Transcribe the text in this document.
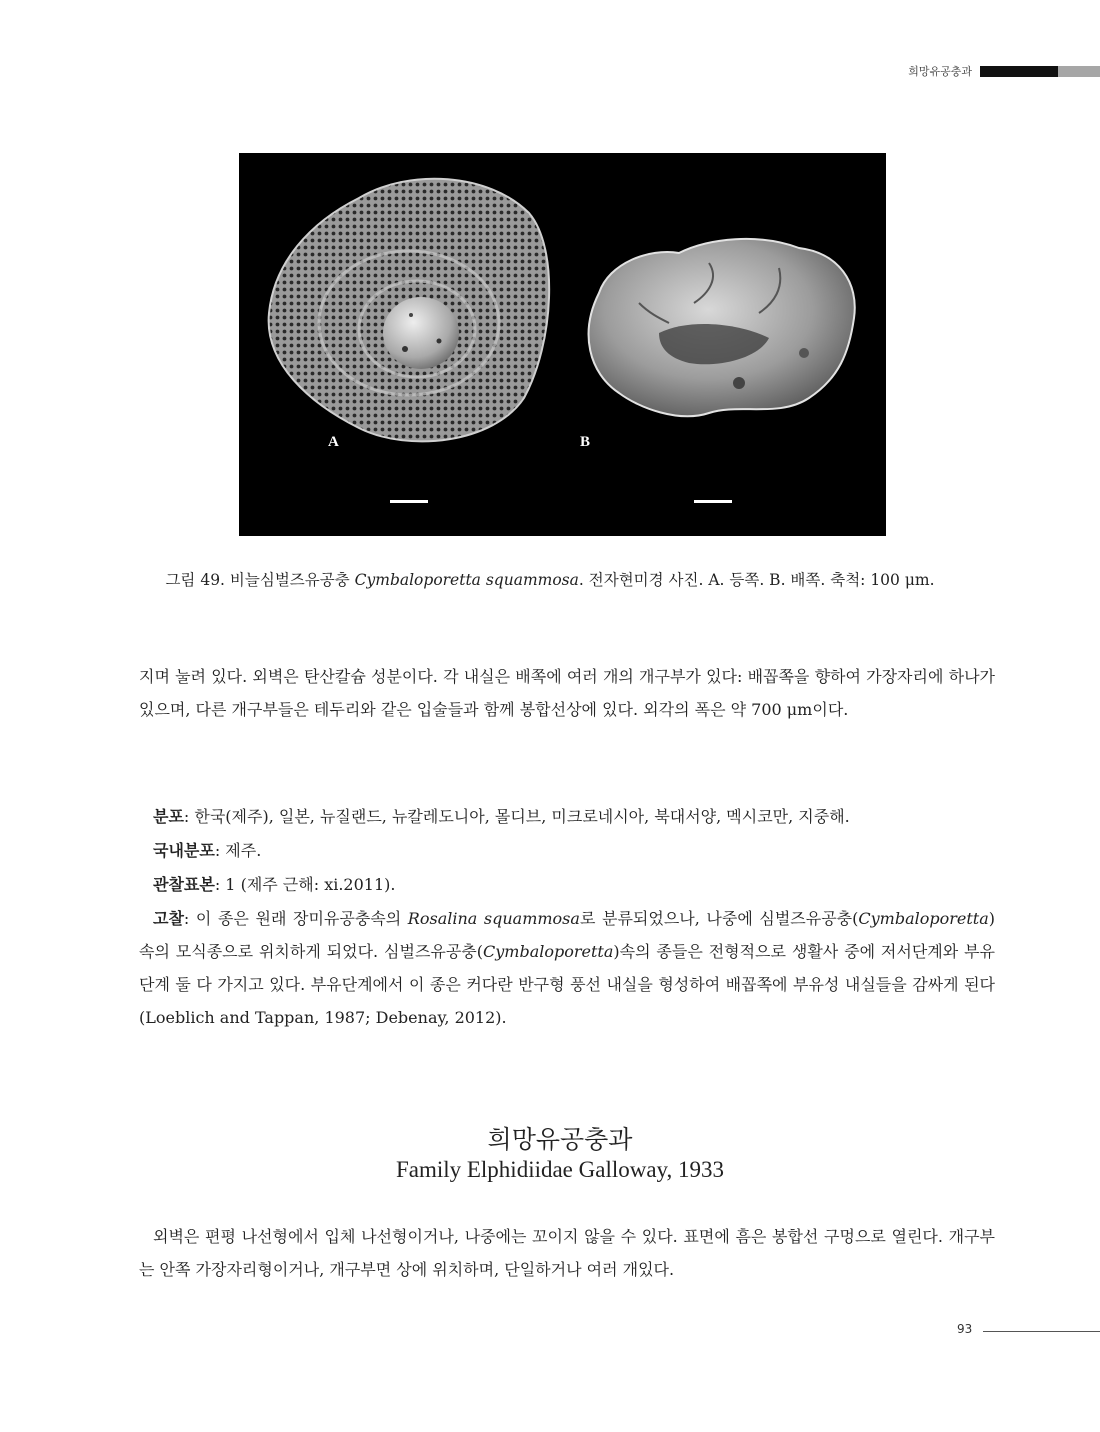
희망유공충과
A	B
그림 49. 비늘심벌즈유공충 Cymbaloporetta squammosa. 전자현미경 사진. A. 등쪽. B. 배쪽. 축척: 100 μm.
지며 눌려 있다. 외벽은 탄산칼슘 성분이다. 각 내실은 배쪽에 여러 개의 개구부가 있다: 배꼽쪽을 향하여 가장자리에 하나가 있으며, 다른 개구부들은 테두리와 같은 입술들과 함께 봉합선상에 있다. 외각의 폭은 약 700 μm이다.
분포: 한국(제주), 일본, 뉴질랜드, 뉴칼레도니아, 몰디브, 미크로네시아, 북대서양, 멕시코만, 지중해.
국내분포: 제주.
관찰표본: 1 (제주 근해: xi.2011).
고찰: 이 종은 원래 장미유공충속의 Rosalina squammosa로 분류되었으나, 나중에 심벌즈유공충(Cymbaloporetta)속의 모식종으로 위치하게 되었다. 심벌즈유공충(Cymbaloporetta)속의 종들은 전형적으로 생활사 중에 저서단계와 부유단계 둘 다 가지고 있다. 부유단계에서 이 종은 커다란 반구형 풍선 내실을 형성하여 배꼽쪽에 부유성 내실들을 감싸게 된다(Loeblich and Tappan, 1987; Debenay, 2012).
희망유공충과
Family Elphidiidae Galloway, 1933
외벽은 편평 나선형에서 입체 나선형이거나, 나중에는 꼬이지 않을 수 있다. 표면에 흠은 봉합선 구멍으로 열린다. 개구부는 안쪽 가장자리형이거나, 개구부면 상에 위치하며, 단일하거나 여러 개있다.
93
